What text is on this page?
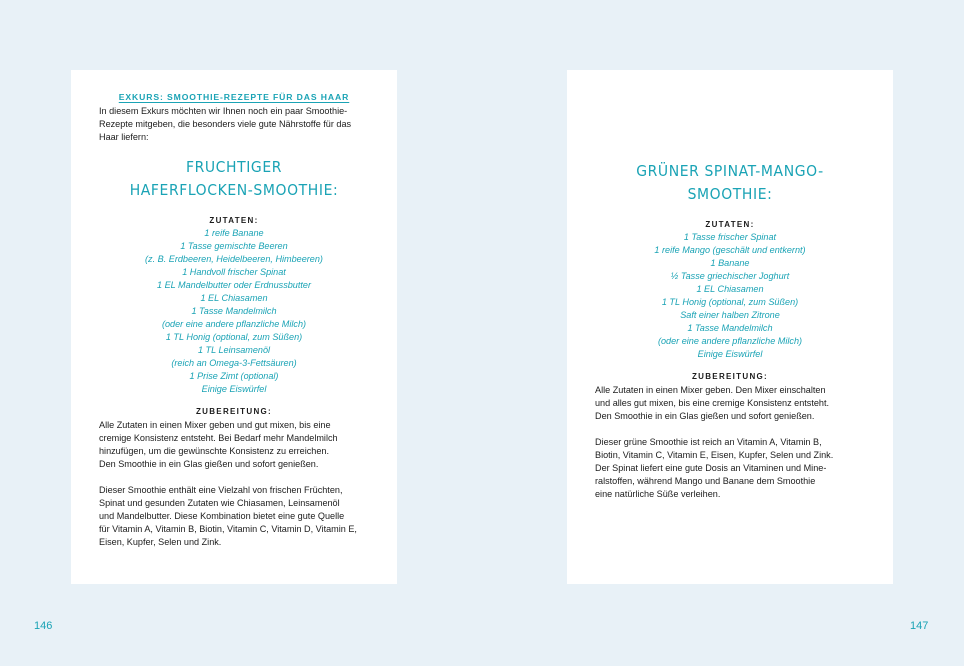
EXKURS: SMOOTHIE-REZEPTE FÜR DAS HAAR

In diesem Exkurs möchten wir Ihnen noch ein paar Smoothie-

Rezepte mitgeben, die besonders viele gute Nährstoffe für das

Haar liefern:

FRUCHTIGER
HAFERFLOCKEN-SMOOTHIE:

ZUTATEN:

1 reife Banane

1 Tasse gemischte Beeren

(z. B. Erdbeeren, Heidelbeeren, Himbeeren)

1 Handvoll frischer Spinat

1 EL Mandelbutter oder Erdnussbutter

1 EL Chiasamen

1 Tasse Mandelmilch

(oder eine andere pflanzliche Milch)

1 TL Honig (optional, zum Süßen)

1 TL Leinsamenöl

(reich an Omega-3-Fettsäuren)

1 Prise Zimt (optional)

Einige Eiswürfel

ZUBEREITUNG:

Alle Zutaten in einen Mixer geben und gut mixen, bis eine

cremige Konsistenz entsteht. Bei Bedarf mehr Mandelmilch

hinzufügen, um die gewünschte Konsistenz zu erreichen.

Den Smoothie in ein Glas gießen und sofort genießen.

Dieser Smoothie enthält eine Vielzahl von frischen Früchten,

Spinat und gesunden Zutaten wie Chiasamen, Leinsamenöl

und Mandelbutter. Diese Kombination bietet eine gute Quelle

für Vitamin A, Vitamin B, Biotin, Vitamin C, Vitamin D, Vitamin E,

Eisen, Kupfer, Selen und Zink.

GRÜNER SPINAT-MANGO-
SMOOTHIE:

ZUTATEN:

1 Tasse frischer Spinat

1 reife Mango (geschält und entkernt)

1 Banane

½ Tasse griechischer Joghurt

1 EL Chiasamen

1 TL Honig (optional, zum Süßen)

Saft einer halben Zitrone

1 Tasse Mandelmilch

(oder eine andere pflanzliche Milch)

Einige Eiswürfel

ZUBEREITUNG:

Alle Zutaten in einen Mixer geben. Den Mixer einschalten

und alles gut mixen, bis eine cremige Konsistenz entsteht.

Den Smoothie in ein Glas gießen und sofort genießen.

Dieser grüne Smoothie ist reich an Vitamin A, Vitamin B,

Biotin, Vitamin C, Vitamin E, Eisen, Kupfer, Selen und Zink.

Der Spinat liefert eine gute Dosis an Vitaminen und Mine-

ralstoffen, während Mango und Banane dem Smoothie

eine natürliche Süße verleihen.

146	147
